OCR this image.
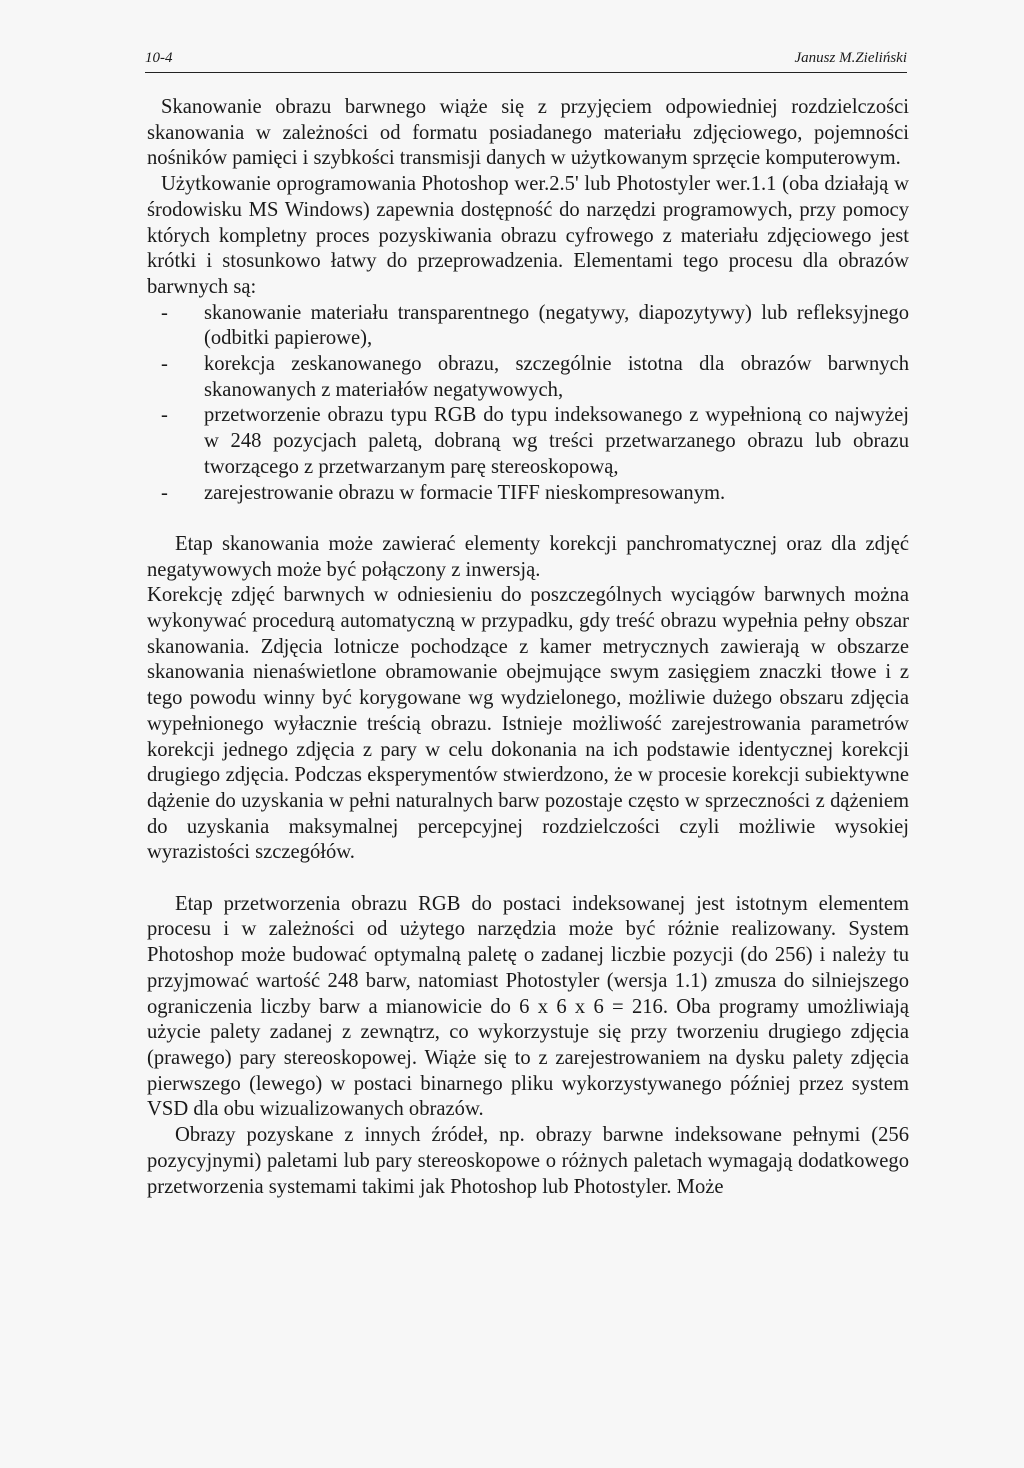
10-4	Janusz M.Zieliński

Skanowanie obrazu barwnego wiąże się z przyjęciem odpowiedniej rozdzielczości skanowania w zależności od formatu posiadanego materiału zdjęciowego, pojemności nośników pamięci i szybkości transmisji danych w użytkowanym sprzęcie komputerowym.

Użytkowanie oprogramowania Photoshop wer.2.5' lub Photostyler wer.1.1 (oba działają w środowisku MS Windows) zapewnia dostępność do narzędzi programowych, przy pomocy których kompletny proces pozyskiwania obrazu cyfrowego z materiału zdjęciowego jest krótki i stosunkowo łatwy do przeprowadzenia. Elementami tego procesu dla obrazów barwnych są:

- skanowanie materiału transparentnego (negatywy, diapozytywy) lub refleksyjnego (odbitki papierowe),
- korekcja zeskanowanego obrazu, szczególnie istotna dla obrazów barwnych skanowanych z materiałów negatywowych,
- przetworzenie obrazu typu RGB do typu indeksowanego z wypełnioną co najwyżej w 248 pozycjach paletą, dobraną wg treści przetwarzanego obrazu lub obrazu tworzącego z przetwarzanym parę stereoskopową,
- zarejestrowanie obrazu w formacie TIFF nieskompresowanym.

Etap skanowania może zawierać elementy korekcji panchromatycznej oraz dla zdjęć negatywowych może być połączony z inwersją.

Korekcję zdjęć barwnych w odniesieniu do poszczególnych wyciągów barwnych można wykonywać procedurą automatyczną w przypadku, gdy treść obrazu wypełnia pełny obszar skanowania. Zdjęcia lotnicze pochodzące z kamer metrycznych zawierają w obszarze skanowania nienaświetlone obramowanie obejmujące swym zasięgiem znaczki tłowe i z tego powodu winny być korygowane wg wydzielonego, możliwie dużego obszaru zdjęcia wypełnionego wyłacznie treścią obrazu. Istnieje możliwość zarejestrowania parametrów korekcji jednego zdjęcia z pary w celu dokonania na ich podstawie identycznej korekcji drugiego zdjęcia. Podczas eksperymentów stwierdzono, że w procesie korekcji subiektywne dążenie do uzyskania w pełni naturalnych barw pozostaje często w sprzeczności z dążeniem do uzyskania maksymalnej percepcyjnej rozdzielczości czyli możliwie wysokiej wyrazistości szczegółów.

Etap przetworzenia obrazu RGB do postaci indeksowanej jest istotnym elementem procesu i w zależności od użytego narzędzia może być różnie realizowany. System Photoshop może budować optymalną paletę o zadanej liczbie pozycji (do 256) i należy tu przyjmować wartość 248 barw, natomiast Photostyler (wersja 1.1) zmusza do silniejszego ograniczenia liczby barw a mianowicie do 6 x 6 x 6 = 216. Oba programy umożliwiają użycie palety zadanej z zewnątrz, co wykorzystuje się przy tworzeniu drugiego zdjęcia (prawego) pary stereoskopowej. Wiąże się to z zarejestrowaniem na dysku palety zdjęcia pierwszego (lewego) w postaci binarnego pliku wykorzystywanego później przez system VSD dla obu wizualizowanych obrazów.

Obrazy pozyskane z innych źródeł, np. obrazy barwne indeksowane pełnymi (256 pozycyjnymi) paletami lub pary stereoskopowe o różnych paletach wymagają dodatkowego przetworzenia systemami takimi jak Photoshop lub Photostyler. Może
